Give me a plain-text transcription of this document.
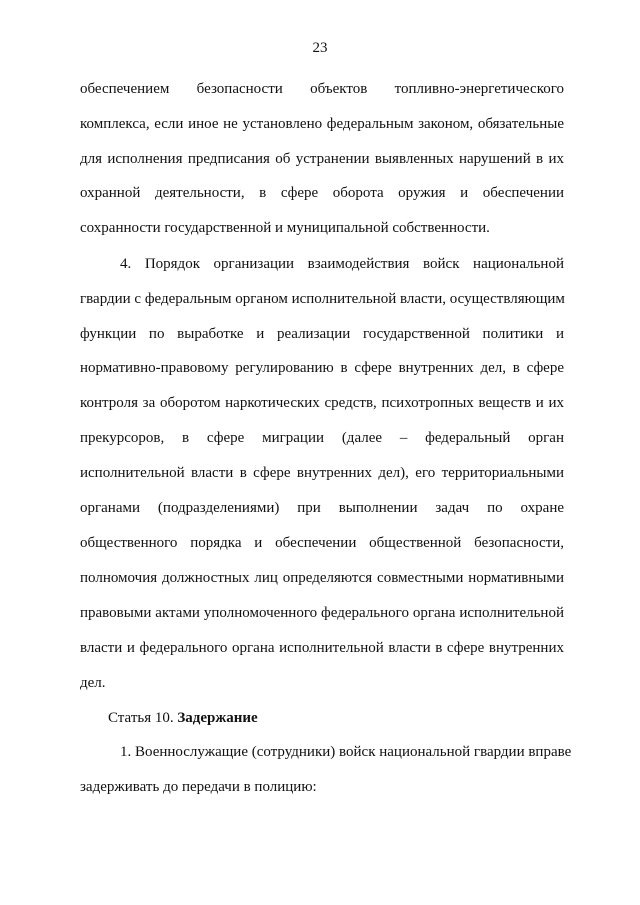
23
обеспечением безопасности объектов топливно-энергетического
комплекса, если иное не установлено федеральным законом, обязательные
для исполнения предписания об устранении выявленных нарушений в их
охранной деятельности, в сфере оборота оружия и обеспечении
сохранности государственной и муниципальной собственности.
4. Порядок организации взаимодействия войск национальной
гвардии с федеральным органом исполнительной власти, осуществляющим
функции по выработке и реализации государственной политики и
нормативно-правовому регулированию в сфере внутренних дел, в сфере
контроля за оборотом наркотических средств, психотропных веществ и их
прекурсоров, в сфере миграции (далее – федеральный орган
исполнительной власти в сфере внутренних дел), его территориальными
органами (подразделениями) при выполнении задач по охране
общественного порядка и обеспечении общественной безопасности,
полномочия должностных лиц определяются совместными нормативными
правовыми актами уполномоченного федерального органа исполнительной
власти и федерального органа исполнительной власти в сфере внутренних
дел.
Статья 10. Задержание
1. Военнослужащие (сотрудники) войск национальной гвардии вправе
задерживать до передачи в полицию:
